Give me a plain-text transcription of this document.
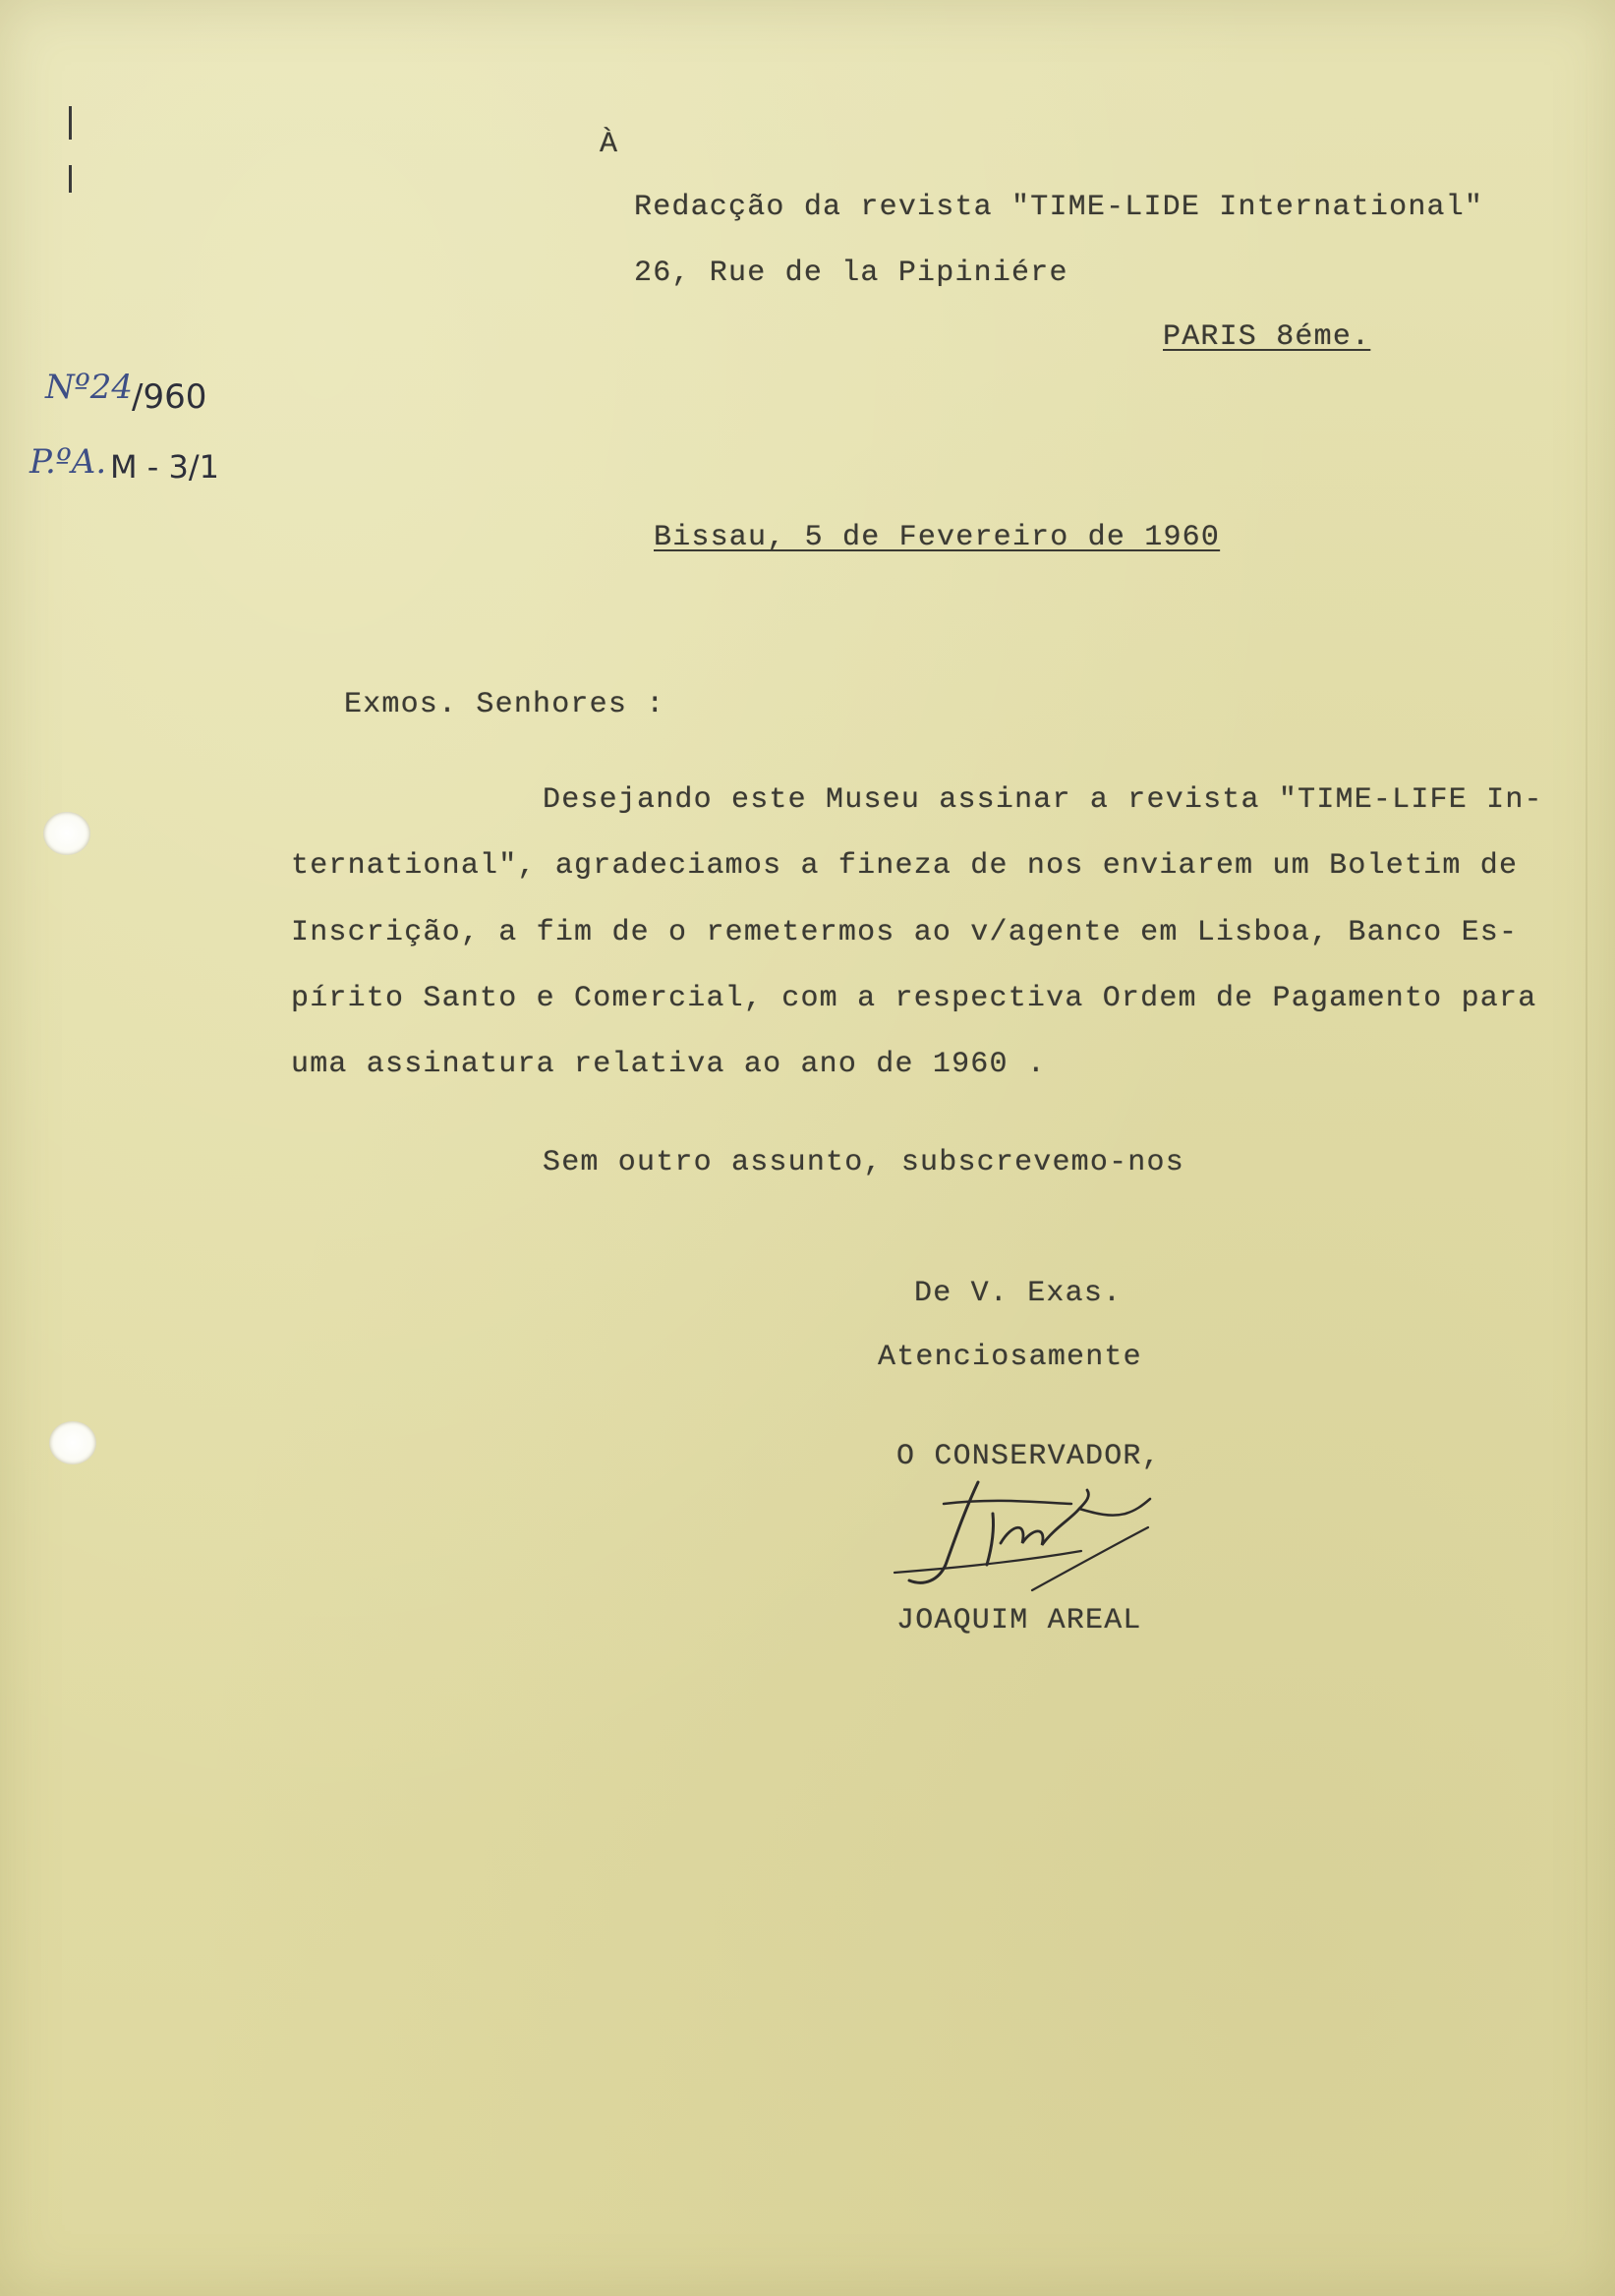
À
Redacção da revista "TIME-LIDE International"
26, Rue de la Pipiniére
PARIS 8éme.
Nº24
/960
P.ºA. M - 3/1
Bissau, 5 de Fevereiro de 1960
Exmos. Senhores :
Desejando este Museu assinar a revista "TIME-LIFE In-
ternational", agradeciamos a fineza de nos enviarem um Boletim de
Inscrição, a fim de o remetermos ao v/agente em Lisboa, Banco Es-
pírito Santo e Comercial, com a respectiva Ordem de Pagamento para
uma assinatura relativa ao ano de 1960 .
Sem outro assunto, subscrevemo-nos
De V. Exas.
Atenciosamente
O CONSERVADOR,
JOAQUIM AREAL
